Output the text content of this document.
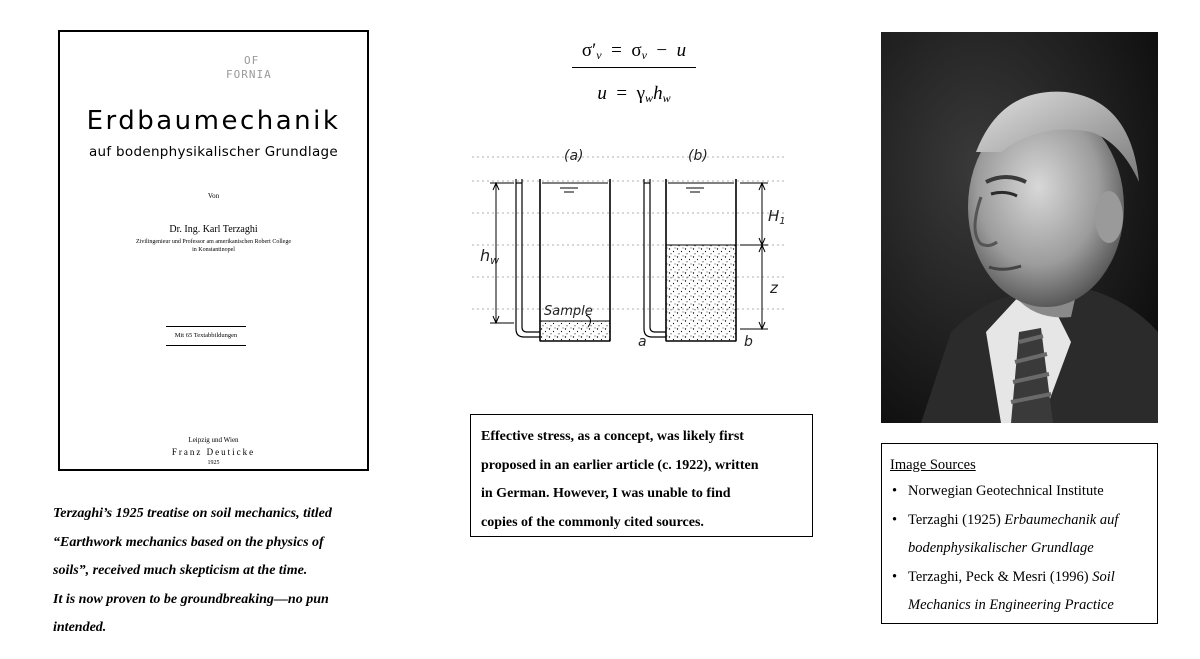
OF
FORNIA
Erdbaumechanik
auf bodenphysikalischer Grundlage
Von
Dr. Ing. Karl Terzaghi
Zivilingenieur und Professor am amerikanischen Robert College
in Konstantinopel
Mit 65 Textabbildungen
Leipzig und Wien
Franz Deuticke
1925
Terzaghi’s 1925 treatise on soil mechanics, titled
“Earthwork mechanics based on the physics of
soils”, received much skepticism at the time.
It is now proven to be groundbreaking—no pun
intended.
$\sigma'_v = \sigma_v - u$
$u = \gamma_wh_w$
(a)	(b)
hw
Sample
$H_1$
z
a	b
Effective stress, as a concept, was likely first
proposed in an earlier article (c. 1922), written
in German. However, I was unable to find
copies of the commonly cited sources.
Image Sources
• Norwegian Geotechnical Institute
• Terzaghi (1925) Erbaumechanik auf
bodenphysikalischer Grundlage
• Terzaghi, Peck & Mesri (1996) Soil
Mechanics in Engineering Practice
